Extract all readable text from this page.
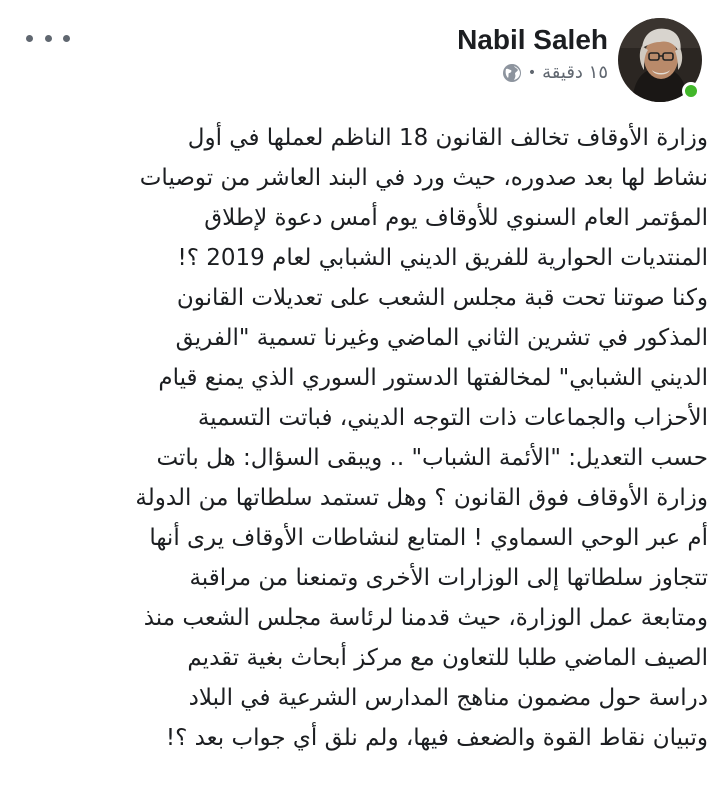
Nabil Saleh
١٥ دقيقة
•
وزارة الأوقاف تخالف القانون 18 الناظم لعملها في أول
نشاط لها بعد صدوره، حيث ورد في البند العاشر من توصيات
المؤتمر العام السنوي للأوقاف يوم أمس دعوة لإطلاق
المنتديات الحوارية للفريق الديني الشبابي لعام 2019 ؟!
وكنا صوتنا تحت قبة مجلس الشعب على تعديلات القانون
المذكور في تشرين الثاني الماضي وغيرنا تسمية "الفريق
الديني الشبابي" لمخالفتها الدستور السوري الذي يمنع قيام
الأحزاب والجماعات ذات التوجه الديني، فباتت التسمية
حسب التعديل: "الأئمة الشباب" .. ويبقى السؤال: هل باتت
وزارة الأوقاف فوق القانون ؟ وهل تستمد سلطاتها من الدولة
أم عبر الوحي السماوي ! المتابع لنشاطات الأوقاف يرى أنها
تتجاوز سلطاتها إلى الوزارات الأخرى وتمنعنا من مراقبة
ومتابعة عمل الوزارة، حيث قدمنا لرئاسة مجلس الشعب منذ
الصيف الماضي طلبا للتعاون مع مركز أبحاث بغية تقديم
دراسة حول مضمون مناهج المدارس الشرعية في البلاد
وتبيان نقاط القوة والضعف فيها، ولم نلق أي جواب بعد ؟!
